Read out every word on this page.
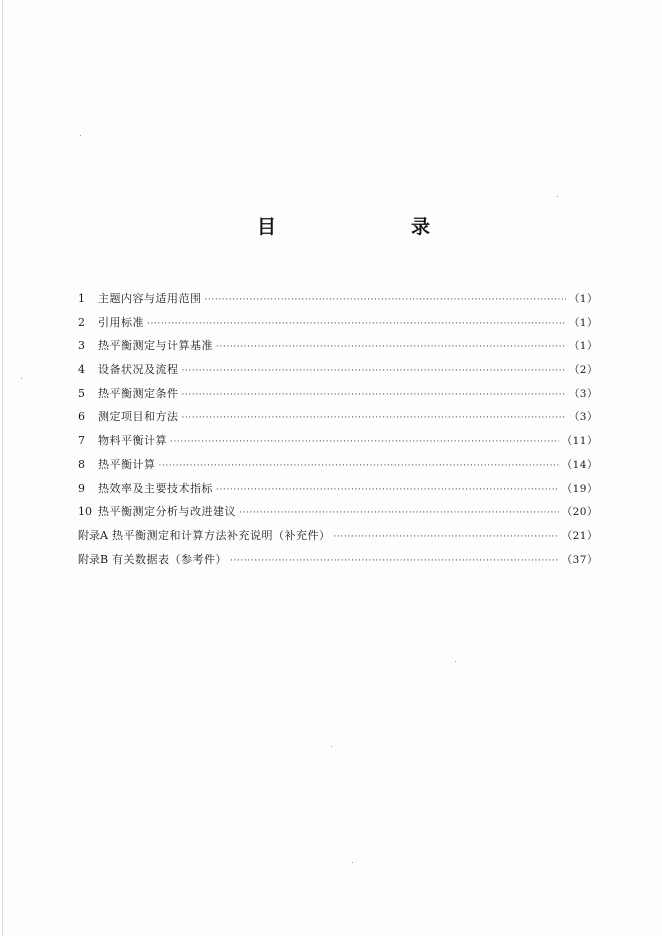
目	录
1	主题内容与适用范围 ·····	（1）
2	引用标准 ·····	（1）
3	热平衡测定与计算基准 ·····	（1）
4	设备状况及流程 ·····	（2）
5	热平衡测定条件 ·····	（3）
6	测定项目和方法 ·····	（3）
7	物料平衡计算 ·····	（11）
8	热平衡计算 ·····	（14）
9	热效率及主要技术指标 ·····	（19）
10 热平衡测定分析与改进建议 ·····	（20）
附录A 热平衡测定和计算方法补充说明（补充件） ·····	（21）
附录B 有关数据表（参考件） ·····	（37）
